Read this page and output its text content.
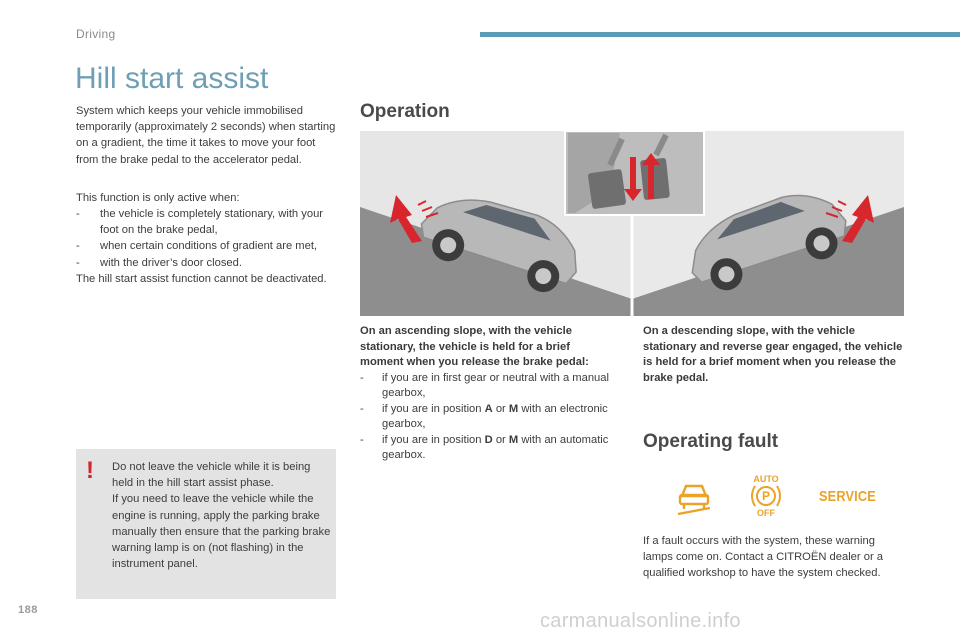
Driving
Hill start assist

System which keeps your vehicle immobilised temporarily (approximately 2 seconds) when starting on a gradient, the time it takes to move your foot from the brake pedal to the accelerator pedal.

This function is only active when:

- the vehicle is completely stationary, with your foot on the brake pedal,
- when certain conditions of gradient are met,
- with the driver’s door closed.

The hill start assist function cannot be deactivated.

! Do not leave the vehicle while it is being held in the hill start assist phase.

If you need to leave the vehicle while the engine is running, apply the parking brake manually then ensure that the parking brake warning lamp is on (not flashing) in the instrument panel.

Operation

On an ascending slope, with the vehicle stationary, the vehicle is held for a brief moment when you release the brake pedal:

- if you are in first gear or neutral with a manual gearbox,
- if you are in position A or M with an electronic gearbox,
- if you are in position D or M with an automatic gearbox.

On a descending slope, with the vehicle stationary and reverse gear engaged, the vehicle is held for a brief moment when you release the brake pedal.

Operating fault
AUTO
P
OFF
SERVICE

If a fault occurs with the system, these warning lamps come on. Contact a CITROËN dealer or a qualified workshop to have the system checked.

188	carmanualsonline.info
